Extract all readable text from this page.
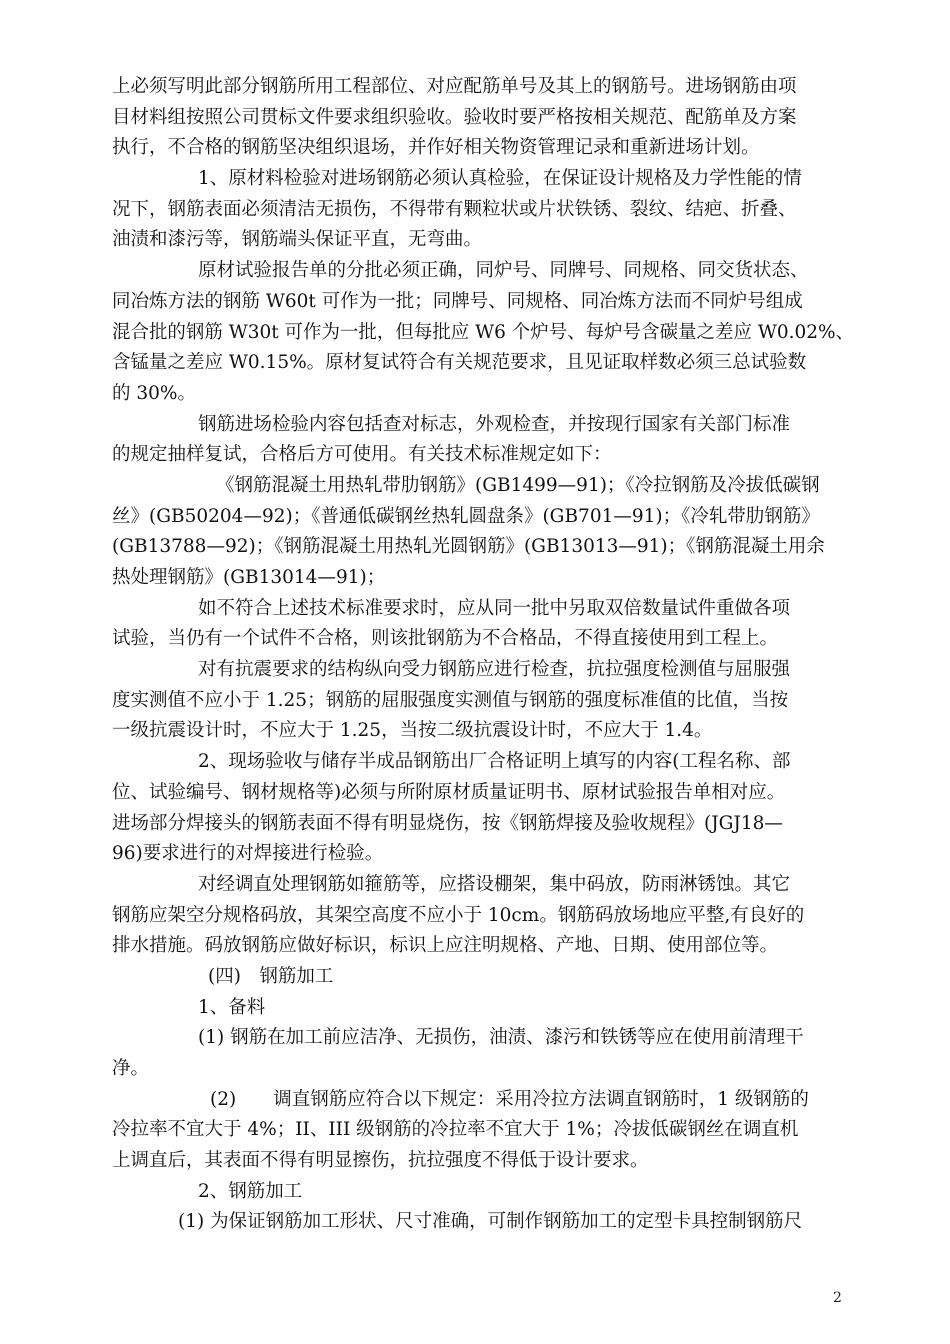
上必须写明此部分钢筋所用工程部位、对应配筋单号及其上的钢筋号。进场钢筋由项
目材料组按照公司贯标文件要求组织验收。验收时要严格按相关规范、配筋单及方案
执行，不合格的钢筋坚决组织退场，并作好相关物资管理记录和重新进场计划。
1、原材料检验对进场钢筋必须认真检验，在保证设计规格及力学性能的情
况下，钢筋表面必须清洁无损伤，不得带有颗粒状或片状铁锈、裂纹、结疤、折叠、
油渍和漆污等，钢筋端头保证平直，无弯曲。
原材试验报告单的分批必须正确，同炉号、同牌号、同规格、同交货状态、
同冶炼方法的钢筋 W60t 可作为一批；同牌号、同规格、同冶炼方法而不同炉号组成
混合批的钢筋 W30t 可作为一批，但每批应 W6 个炉号、每炉号含碳量之差应 W0.02%、
含锰量之差应 W0.15%。原材复试符合有关规范要求，且见证取样数必须三总试验数
的 30%。
钢筋进场检验内容包括查对标志，外观检查，并按现行国家有关部门标准
的规定抽样复试，合格后方可使用。有关技术标准规定如下：
《钢筋混凝土用热轧带肋钢筋》(GB1499—91)；《冷拉钢筋及冷拔低碳钢
丝》(GB50204—92)；《普通低碳钢丝热轧圆盘条》(GB701—91)；《冷轧带肋钢筋》
(GB13788—92)；《钢筋混凝土用热轧光圆钢筋》(GB13013—91)；《钢筋混凝土用余
热处理钢筋》(GB13014—91)；
如不符合上述技术标准要求时，应从同一批中另取双倍数量试件重做各项
试验，当仍有一个试件不合格，则该批钢筋为不合格品，不得直接使用到工程上。
对有抗震要求的结构纵向受力钢筋应进行检查，抗拉强度检测值与屈服强
度实测值不应小于 1.25；钢筋的屈服强度实测值与钢筋的强度标准值的比值，当按
一级抗震设计时，不应大于 1.25，当按二级抗震设计时，不应大于 1.4。
2、现场验收与储存半成品钢筋出厂合格证明上填写的内容(工程名称、部
位、试验编号、钢材规格等)必须与所附原材质量证明书、原材试验报告单相对应。
进场部分焊接头的钢筋表面不得有明显烧伤，按《钢筋焊接及验收规程》(JGJ18—
96)要求进行的对焊接进行检验。
对经调直处理钢筋如箍筋等，应搭设棚架，集中码放，防雨淋锈蚀。其它
钢筋应架空分规格码放，其架空高度不应小于 10cm。钢筋码放场地应平整,有良好的
排水措施。码放钢筋应做好标识，标识上应注明规格、产地、日期、使用部位等。
(四)　钢筋加工
1、备料
(1) 钢筋在加工前应洁净、无损伤，油渍、漆污和铁锈等应在使用前清理干
净。
(2)　　调直钢筋应符合以下规定：采用冷拉方法调直钢筋时，1 级钢筋的
冷拉率不宜大于 4%；II、III 级钢筋的冷拉率不宜大于 1%；冷拔低碳钢丝在调直机
上调直后，其表面不得有明显擦伤，抗拉强度不得低于设计要求。
2、钢筋加工
(1) 为保证钢筋加工形状、尺寸准确，可制作钢筋加工的定型卡具控制钢筋尺
2
